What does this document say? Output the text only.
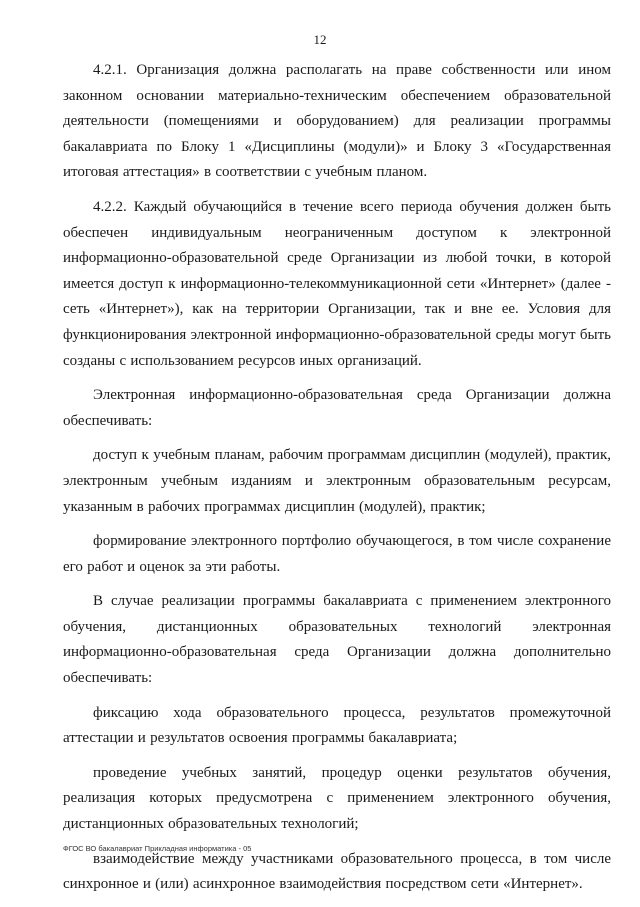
12

4.2.1. Организация должна располагать на праве собственности или ином законном основании материально-техническим обеспечением образовательной деятельности (помещениями и оборудованием) для реализации программы бакалавриата по Блоку 1 «Дисциплины (модули)» и Блоку 3 «Государственная итоговая аттестация» в соответствии с учебным планом.

4.2.2. Каждый обучающийся в течение всего периода обучения должен быть обеспечен индивидуальным неограниченным доступом к электронной информационно-образовательной среде Организации из любой точки, в которой имеется доступ к информационно-телекоммуникационной сети «Интернет» (далее - сеть «Интернет»), как на территории Организации, так и вне ее. Условия для функционирования электронной информационно-образовательной среды могут быть созданы с использованием ресурсов иных организаций.

Электронная информационно-образовательная среда Организации должна обеспечивать:

доступ к учебным планам, рабочим программам дисциплин (модулей), практик, электронным учебным изданиям и электронным образовательным ресурсам, указанным в рабочих программах дисциплин (модулей), практик;

формирование электронного портфолио обучающегося, в том числе сохранение его работ и оценок за эти работы.

В случае реализации программы бакалавриата с применением электронного обучения, дистанционных образовательных технологий электронная информационно-образовательная среда Организации должна дополнительно обеспечивать:

фиксацию хода образовательного процесса, результатов промежуточной аттестации и результатов освоения программы бакалавриата;

проведение учебных занятий, процедур оценки результатов обучения, реализация которых предусмотрена с применением электронного обучения, дистанционных образовательных технологий;

взаимодействие между участниками образовательного процесса, в том числе синхронное и (или) асинхронное взаимодействия посредством сети «Интернет».

ФГОС ВО бакалавриат Прикладная информатика - 05
